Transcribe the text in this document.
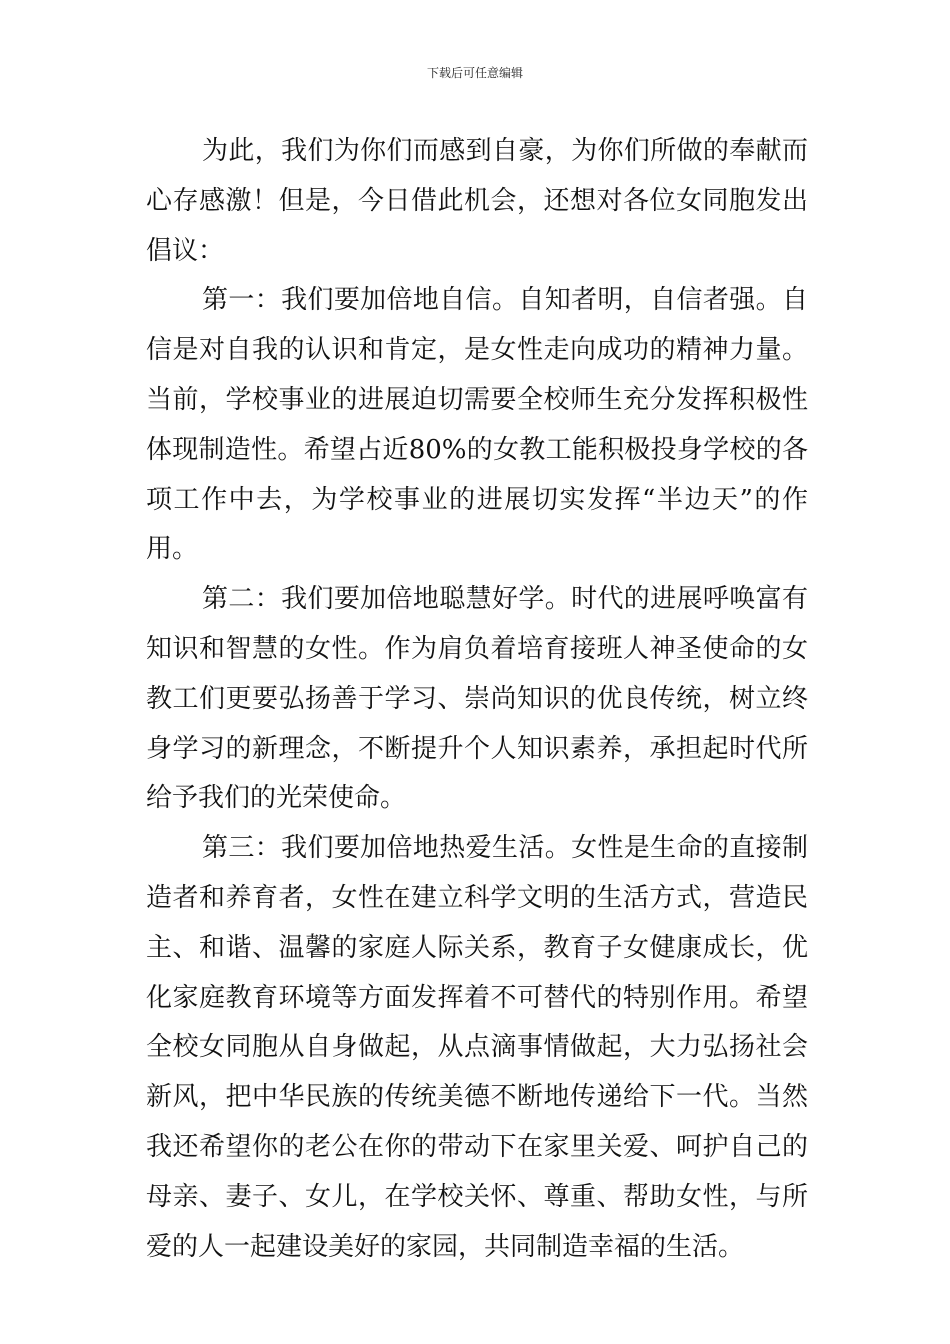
下载后可任意编辑

为此，我们为你们而感到自豪，为你们所做的奉献而心存感激！但是，今日借此机会，还想对各位女同胞发出倡议：

第一：我们要加倍地自信。自知者明，自信者强。自信是对自我的认识和肯定，是女性走向成功的精神力量。当前，学校事业的进展迫切需要全校师生充分发挥积极性体现制造性。希望占近80%的女教工能积极投身学校的各项工作中去，为学校事业的进展切实发挥“半边天”的作用。

第二：我们要加倍地聪慧好学。时代的进展呼唤富有知识和智慧的女性。作为肩负着培育接班人神圣使命的女教工们更要弘扬善于学习、崇尚知识的优良传统，树立终身学习的新理念，不断提升个人知识素养，承担起时代所给予我们的光荣使命。

第三：我们要加倍地热爱生活。女性是生命的直接制造者和养育者，女性在建立科学文明的生活方式，营造民主、和谐、温馨的家庭人际关系，教育子女健康成长，优化家庭教育环境等方面发挥着不可替代的特别作用。希望全校女同胞从自身做起，从点滴事情做起，大力弘扬社会新风，把中华民族的传统美德不断地传递给下一代。当然我还希望你的老公在你的带动下在家里关爱、呵护自己的母亲、妻子、女儿，在学校关怀、尊重、帮助女性，与所爱的人一起建设美好的家园，共同制造幸福的生活。
